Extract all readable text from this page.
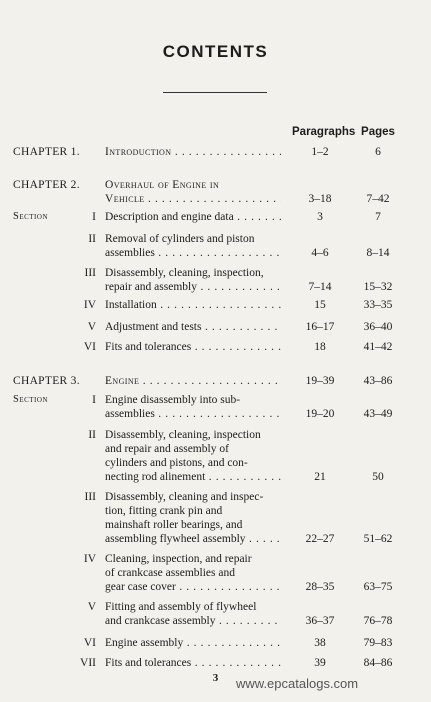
CONTENTS
Paragraphs Pages
CHAPTER 1. Introduction . . .	1–2	6
CHAPTER 2. Overhaul of Engine in
Vehicle . . .	3–18	7–42
Section	I Description and engine data . . .	3	7
II Removal of cylinders and piston
assemblies . . .	4–6	8–14
III Disassembly, cleaning, inspection,
repair and assembly . . .	7–14	15–32
IV Installation . . .	15	33–35
V Adjustment and tests . . .	16–17	36–40
VI Fits and tolerances . . .	18	41–42
CHAPTER 3. Engine . . .	19–39	43–86
Section	I Engine disassembly into sub-
assemblies . . .	19–20	43–49
II Disassembly, cleaning, inspection
and repair and assembly of
cylinders and pistons, and con-
necting rod alinement . . .	21	50
III Disassembly, cleaning and inspec-
tion, fitting crank pin and
mainshaft roller bearings, and
assembling flywheel assembly . . .	22–27	51–62
IV Cleaning, inspection, and repair
of crankcase assemblies and
gear case cover . . .	28–35	63–75
V Fitting and assembly of flywheel
and crankcase assembly . . .	36–37	76–78
VI Engine assembly . . .	38	79–83
VII Fits and tolerances . . .	39	84–86
3	www.epcatalogs.com
